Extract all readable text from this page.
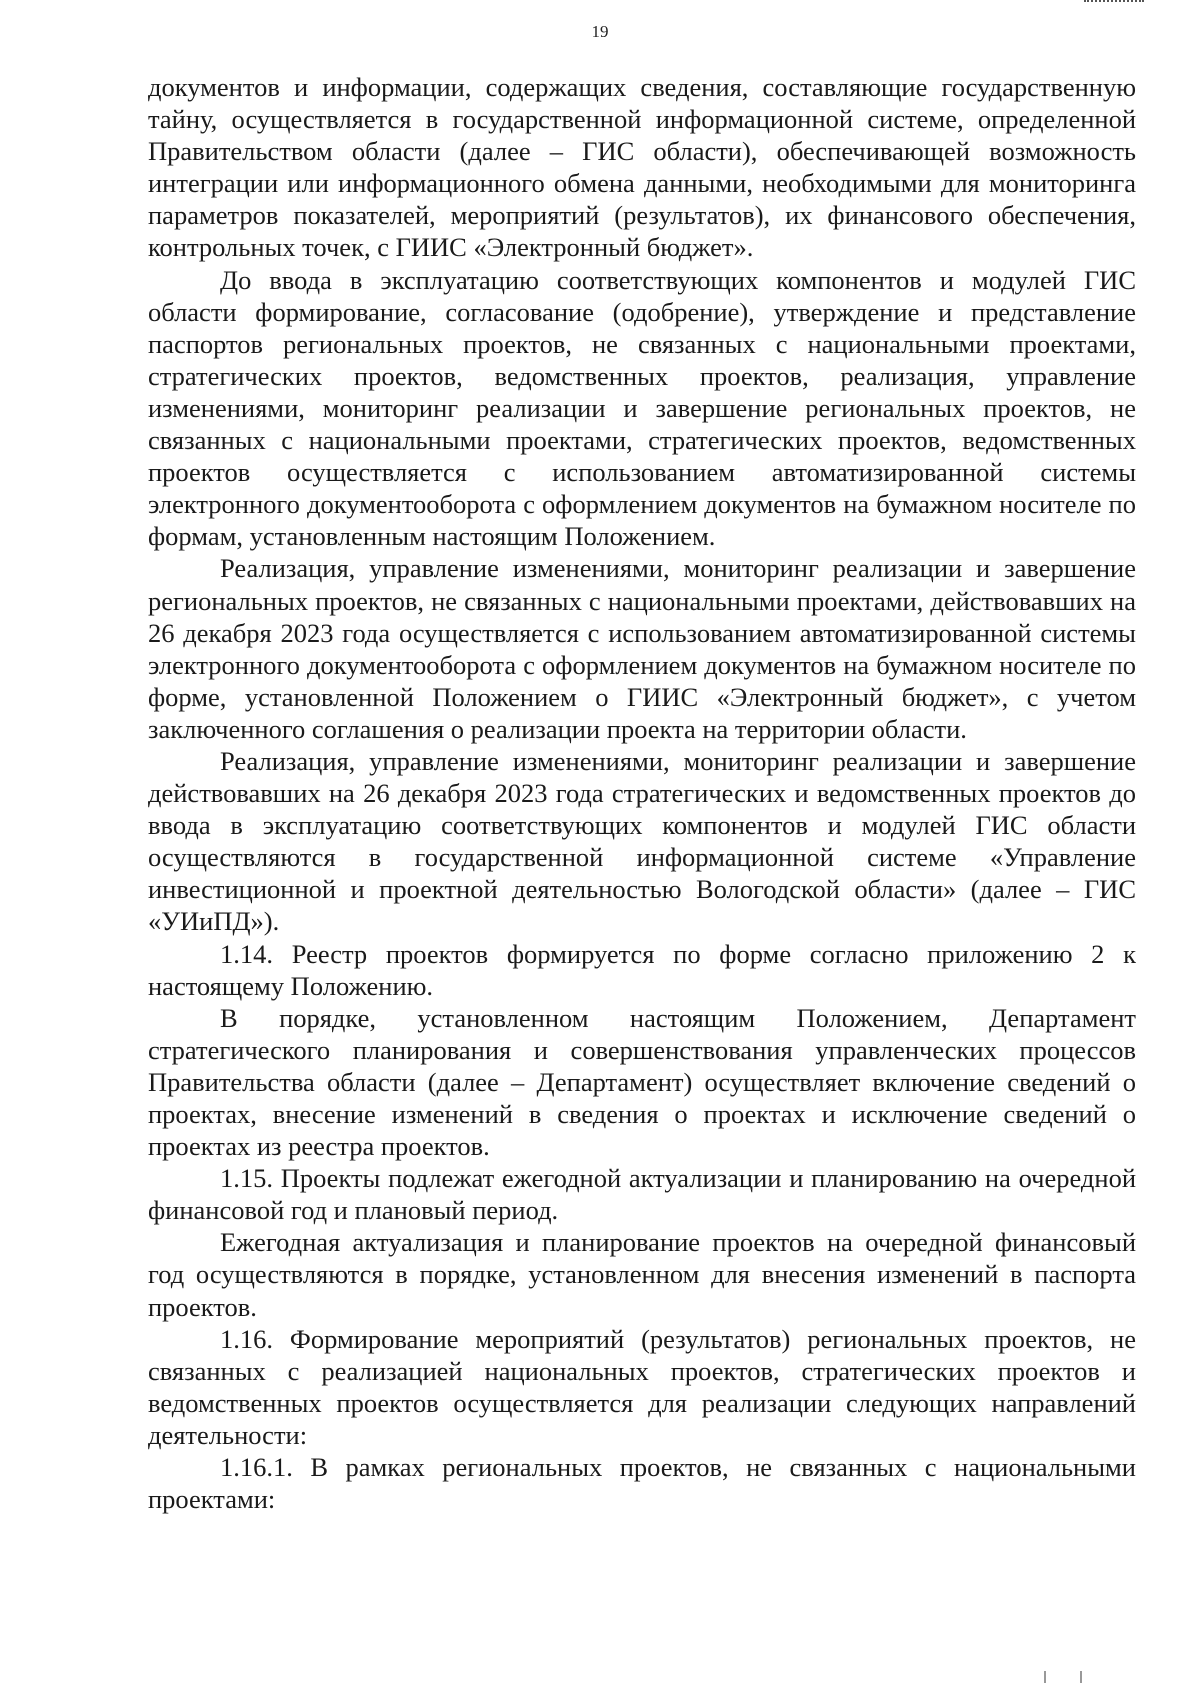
19

документов и информации, содержащих сведения, составляющие государственную тайну, осуществляется в государственной информационной системе, определенной Правительством области (далее – ГИС области), обеспечивающей возможность интеграции или информационного обмена данными, необходимыми для мониторинга параметров показателей, мероприятий (результатов), их финансового обеспечения, контрольных точек, с ГИИС «Электронный бюджет».

До ввода в эксплуатацию соответствующих компонентов и модулей ГИС области формирование, согласование (одобрение), утверждение и представление паспортов региональных проектов, не связанных с национальными проектами, стратегических проектов, ведомственных проектов, реализация, управление изменениями, мониторинг реализации и завершение региональных проектов, не связанных с национальными проектами, стратегических проектов, ведомственных проектов осуществляется с использованием автоматизированной системы электронного документооборота с оформлением документов на бумажном носителе по формам, установленным настоящим Положением.

Реализация, управление изменениями, мониторинг реализации и завершение региональных проектов, не связанных с национальными проектами, действовавших на 26 декабря 2023 года осуществляется с использованием автоматизированной системы электронного документооборота с оформлением документов на бумажном носителе по форме, установленной Положением о ГИИС «Электронный бюджет», с учетом заключенного соглашения о реализации проекта на территории области.

Реализация, управление изменениями, мониторинг реализации и завершение действовавших на 26 декабря 2023 года стратегических и ведомственных проектов до ввода в эксплуатацию соответствующих компонентов и модулей ГИС области осуществляются в государственной информационной системе «Управление инвестиционной и проектной деятельностью Вологодской области» (далее – ГИС «УИиПД»).

1.14. Реестр проектов формируется по форме согласно приложению 2 к настоящему Положению.

В порядке, установленном настоящим Положением, Департамент стратегического планирования и совершенствования управленческих процессов Правительства области (далее – Департамент) осуществляет включение сведений о проектах, внесение изменений в сведения о проектах и исключение сведений о проектах из реестра проектов.

1.15. Проекты подлежат ежегодной актуализации и планированию на очередной финансовой год и плановый период.

Ежегодная актуализация и планирование проектов на очередной финансовый год осуществляются в порядке, установленном для внесения изменений в паспорта проектов.

1.16. Формирование мероприятий (результатов) региональных проектов, не связанных с реализацией национальных проектов, стратегических проектов и ведомственных проектов осуществляется для реализации следующих направлений деятельности:

1.16.1. В рамках региональных проектов, не связанных с национальными проектами:
